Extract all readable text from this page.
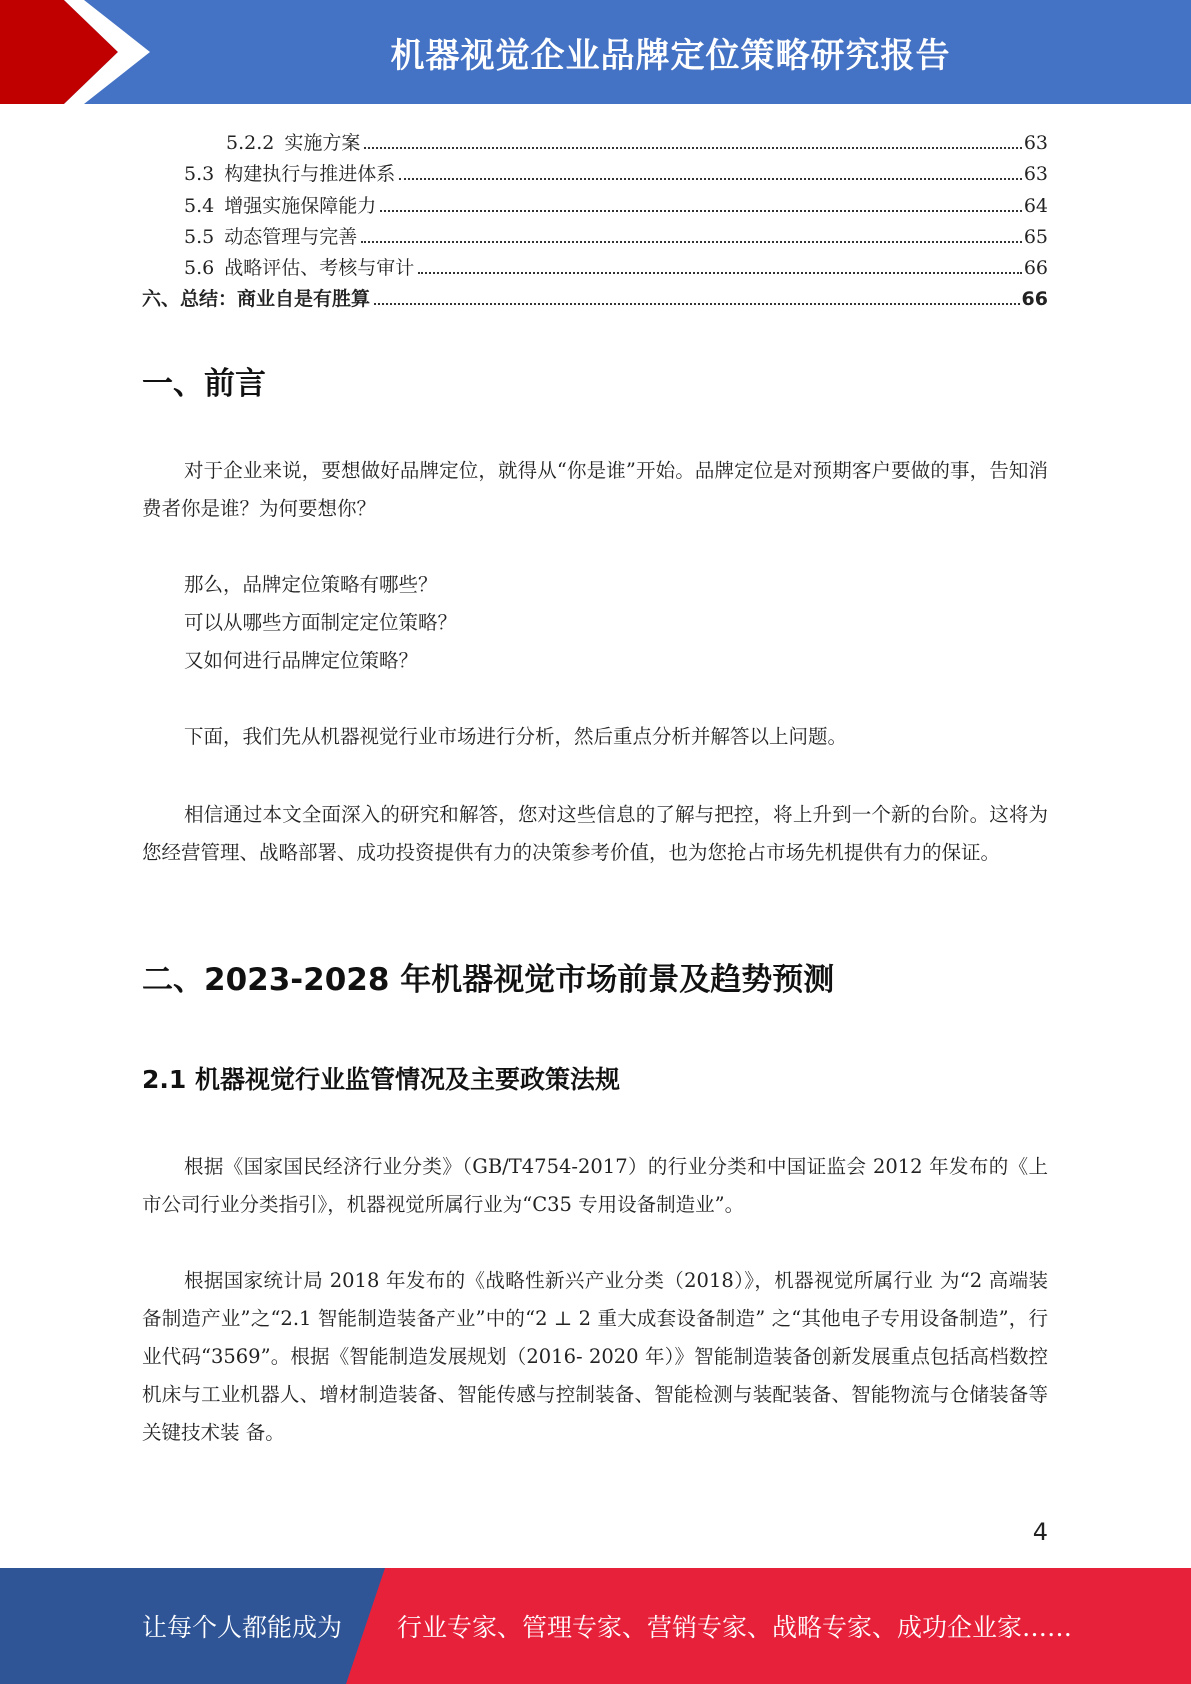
机器视觉企业品牌定位策略研究报告
5.2.2 实施方案	63
5.3 构建执行与推进体系	63
5.4 增强实施保障能力	64
5.5 动态管理与完善	65
5.6 战略评估、考核与审计	66
六、总结：商业自是有胜算	66
一、前言

对于企业来说，要想做好品牌定位，就得从“你是谁”开始。品牌定位是对预期客户要做的事，告知消费者你是谁？为何要想你？

那么，品牌定位策略有哪些？
可以从哪些方面制定定位策略？
又如何进行品牌定位策略？

下面，我们先从机器视觉行业市场进行分析，然后重点分析并解答以上问题。

相信通过本文全面深入的研究和解答，您对这些信息的了解与把控，将上升到一个新的台阶。这将为您经营管理、战略部署、成功投资提供有力的决策参考价值，也为您抢占市场先机提供有力的保证。

二、2023-2028 年机器视觉市场前景及趋势预测
2.1 机器视觉行业监管情况及主要政策法规

根据《国家国民经济行业分类》（GB/T4754-2017）的行业分类和中国证监会 2012 年发布的《上市公司行业分类指引》，机器视觉所属行业为“C35 专用设备制造业”。

根据国家统计局 2018 年发布的《战略性新兴产业分类（2018）》，机器视觉所属行业 为“2 高端装备制造产业”之“2.1 智能制造装备产业”中的“2 ⊥ 2 重大成套设备制造” 之“其他电子专用设备制造”，行业代码“3569”。根据《智能制造发展规划（2016- 2020 年）》智能制造装备创新发展重点包括高档数控机床与工业机器人、增材制造装备、智能传感与控制装备、智能检测与装配装备、智能物流与仓储装备等关键技术装 备。

4
让每个人都能成为 行业专家、管理专家、营销专家、战略专家、成功企业家……
